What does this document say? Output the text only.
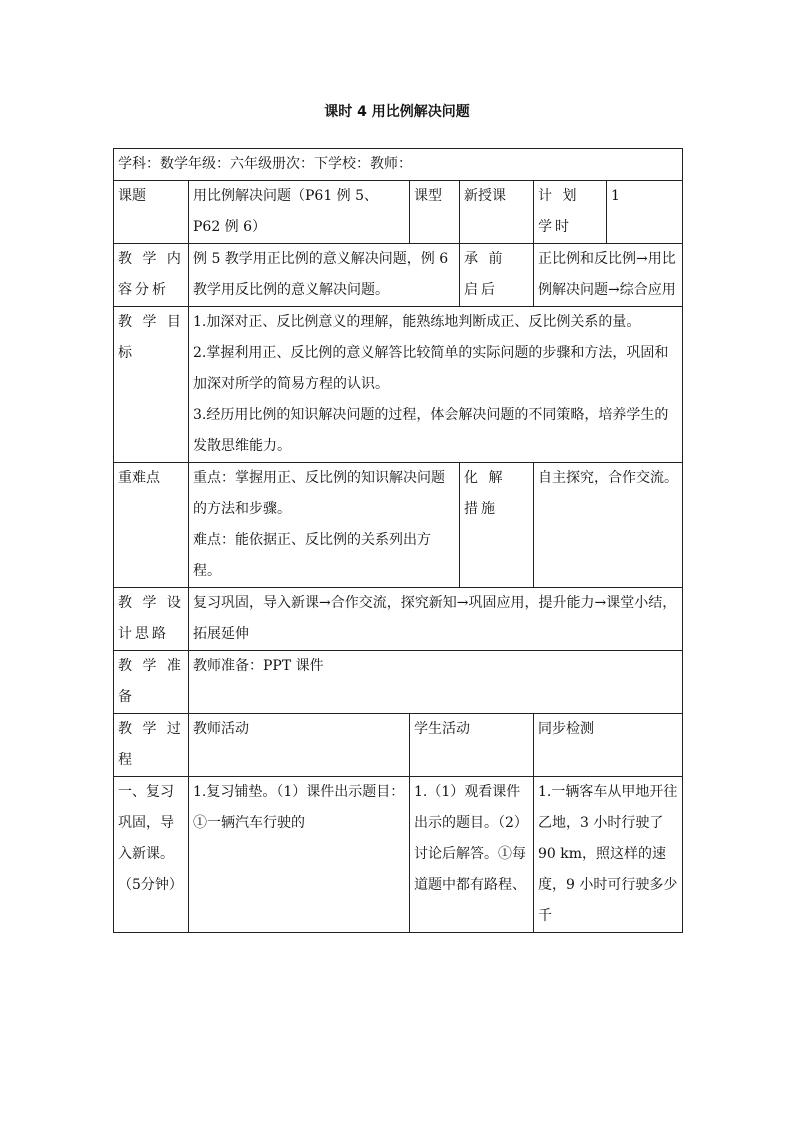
课时 4 用比例解决问题
学科：数学年级：六年级册次：下学校：教师：					
课题	用比例解决问题（P61 例 5、P62 例 6）	课型	新授课	计 划 学时	1
教 学 内容分析	例 5 教学用正比例的意义解决问题，例 6 教学用反比例的意义解决问题。		承 前 启后	正比例和反比例→用比例解决问题→综合应用	
教 学 目标	1.加深对正、反比例意义的理解，能熟练地判断成正、反比例关系的量。

2.掌握利用正、反比例的意义解答比较简单的实际问题的步骤和方法，巩固和加深对所学的简易方程的认识。

3.经历用比例的知识解决问题的过程，体会解决问题的不同策略，培养学生的发散思维能力。				

重难点	重点：掌握用正、反比例的知识解决问题的方法和步骤。

难点：能依据正、反比例的关系列出方程。		化 解 措施	自主探究，合作交流。	
教 学 设计思路	复习巩固，导入新课→合作交流，探究新知→巩固应用，提升能力→课堂小结，拓展延伸				
教 学 准备	教师准备：PPT 课件				
教 学 过程	教师活动	学生活动		同步检测	
一、复习巩固，导入新课。（5分钟）	1.复习铺垫。（1）课件出示题目：①一辆汽车行驶的	1.（1）观看课件出示的题目。（2）讨论后解答。①每道题中都有路程、		1.一辆客车从甲地开往乙地，3 小时行驶了 90 km，照这样的速度，9 小时可行驶多少千	
